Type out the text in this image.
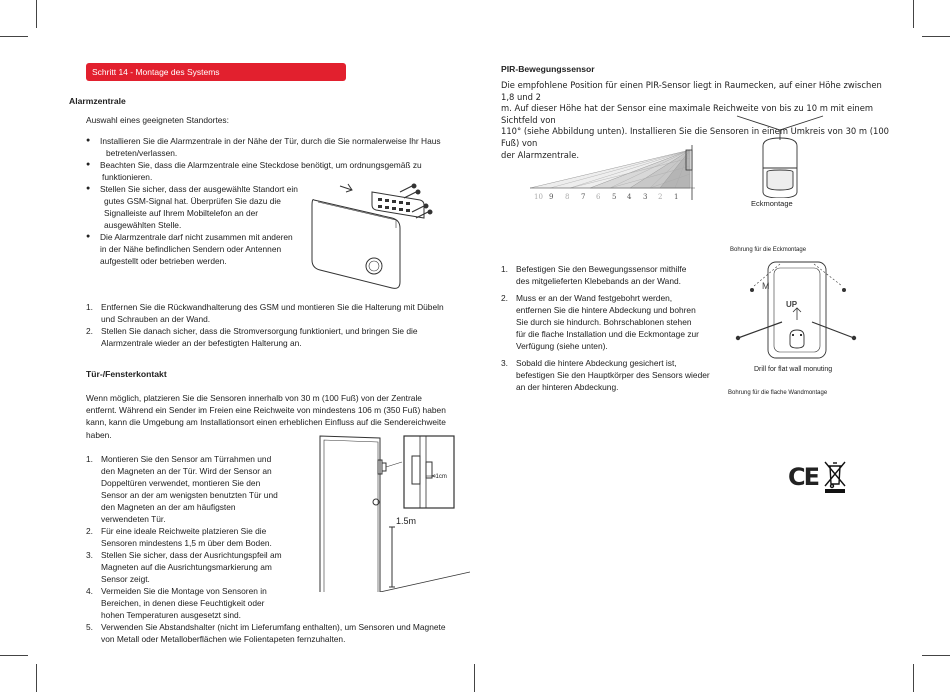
Schritt 14 - Montage des Systems
Alarmzentrale
Auswahl eines geeigneten Standortes:
● Installieren Sie die Alarmzentrale in der Nähe der Tür, durch die Sie normalerweise Ihr Haus
betreten/verlassen.
● Beachten Sie, dass die Alarmzentrale eine Steckdose benötigt, um ordnungsgemäß zu
funktionieren.
● Stellen Sie sicher, dass der ausgewählte Standort ein
gutes GSM-Signal hat. Überprüfen Sie dazu die
Signalleiste auf Ihrem Mobiltelefon an der
ausgewählten Stelle.
● Die Alarmzentrale darf nicht zusammen mit anderen
in der Nähe befindlichen Sendern oder Antennen
aufgestellt oder betrieben werden.
1. Entfernen Sie die Rückwandhalterung des GSM und montieren Sie die Halterung mit Dübeln
und Schrauben an der Wand.
2. Stellen Sie danach sicher, dass die Stromversorgung funktioniert, und bringen Sie die
Alarmzentrale wieder an der befestigten Halterung an.
Tür-/Fensterkontakt
Wenn möglich, platzieren Sie die Sensoren innerhalb von 30 m (100 Fuß) von der Zentrale
entfernt. Während ein Sender im Freien eine Reichweite von mindestens 106 m (350 Fuß) haben
kann, kann die Umgebung am Installationsort einen erheblichen Einfluss auf die Sendereichweite
haben.
1. Montieren Sie den Sensor am Türrahmen und
den Magneten an der Tür. Wird der Sensor an
Doppeltüren verwendet, montieren Sie den
Sensor an der am wenigsten benutzten Tür und
den Magneten an der am häufigsten
verwendeten Tür.
2. Für eine ideale Reichweite platzieren Sie die
Sensoren mindestens 1,5 m über dem Boden.
3. Stellen Sie sicher, dass der Ausrichtungspfeil am
Magneten auf die Ausrichtungsmarkierung am
Sensor zeigt.
4. Vermeiden Sie die Montage von Sensoren in
Bereichen, in denen diese Feuchtigkeit oder
hohen Temperaturen ausgesetzt sind.
5. Verwenden Sie Abstandshalter (nicht im Lieferumfang enthalten), um Sensoren und Magnete
von Metall oder Metalloberflächen wie Folientapeten fernzuhalten.
<1cm
1.5m
PIR-Bewegungssensor
Die empfohlene Position für einen PIR-Sensor liegt in Raumecken, auf einer Höhe zwischen 1,8 und 2
m. Auf dieser Höhe hat der Sensor eine maximale Reichweite von bis zu 10 m mit einem Sichtfeld von
110° (siehe Abbildung unten). Installieren Sie die Sensoren in einem Umkreis von 30 m (100 Fuß) von
der Alarmzentrale.
10 9 8 7 6 5 4 3 2 1
Eckmontage
1. Befestigen Sie den Bewegungssensor mithilfe
des mitgelieferten Klebebands an der Wand.
2. Muss er an der Wand festgebohrt werden,
entfernen Sie die hintere Abdeckung und bohren
Sie durch sie hindurch. Bohrschablonen stehen
für die flache Installation und die Eckmontage zur
Verfügung (siehe unten).
3. Sobald die hintere Abdeckung gesichert ist,
befestigen Sie den Hauptkörper des Sensors wieder
an der hinteren Abdeckung.
Bohrung für die Eckmontage
M
UP
Drill for flat wall monuting
Bohrung für die flache Wandmontage
CE
